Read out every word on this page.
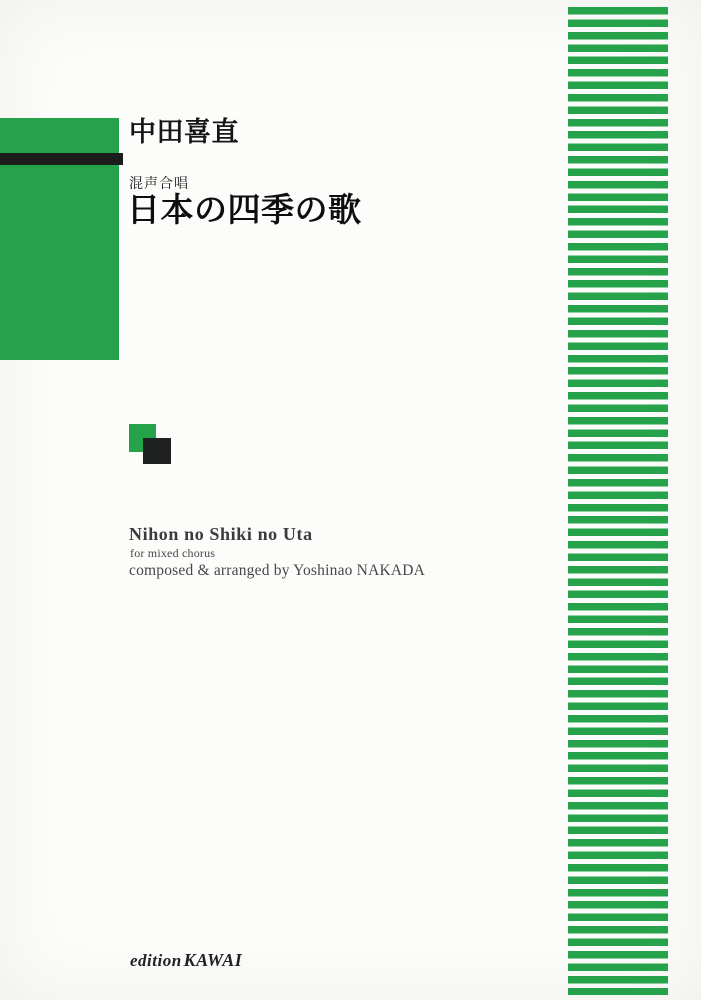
中田喜直
混声合唱
日本の四季の歌
Nihon no Shiki no Uta
for mixed chorus
composed & arranged by Yoshinao NAKADA
edition KAWAI
